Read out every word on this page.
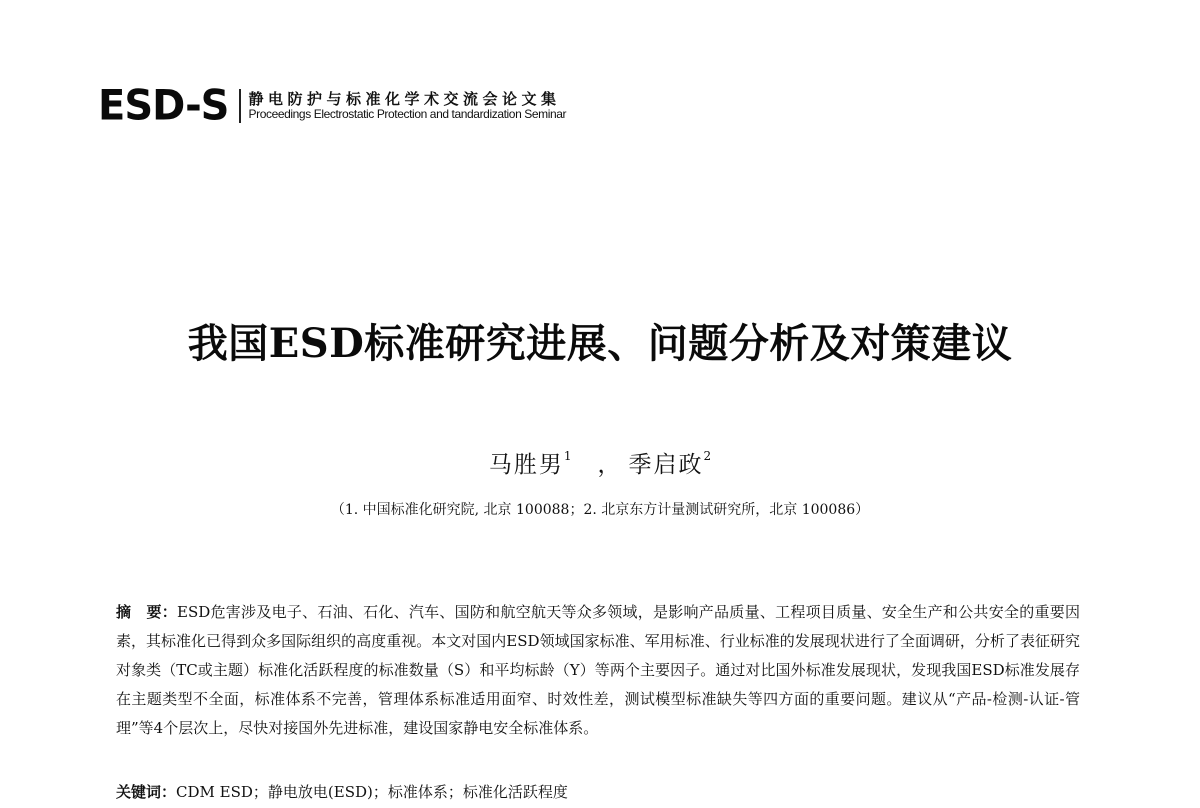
ESD-S 静电防护与标准化学术交流会论文集
Proceedings Electrostatic Protection and tandardization Seminar
我国ESD标准研究进展、问题分析及对策建议
马胜男$^1$ ， 季启政$^2$
（1. 中国标准化研究院, 北京 100088；2. 北京东方计量测试研究所，北京 100086）

摘　要：ESD危害涉及电子、石油、石化、汽车、国防和航空航天等众多领域，是影响产品质量、工程项目质量、安全生产和公共安全的重要因素，其标准化已得到众多国际组织的高度重视。本文对国内ESD领域国家标准、军用标准、行业标准的发展现状进行了全面调研，分析了表征研究对象类（TC或主题）标准化活跃程度的标准数量（S）和平均标龄（Y）等两个主要因子。通过对比国外标准发展现状，发现我国ESD标准发展存在主题类型不全面，标准体系不完善，管理体系标准适用面窄、时效性差，测试模型标准缺失等四方面的重要问题。建议从“产品-检测-认证-管理”等4个层次上，尽快对接国外先进标准，建设国家静电安全标准体系。

关键词：CDM ESD；静电放电(ESD)；标准体系；标准化活跃程度
